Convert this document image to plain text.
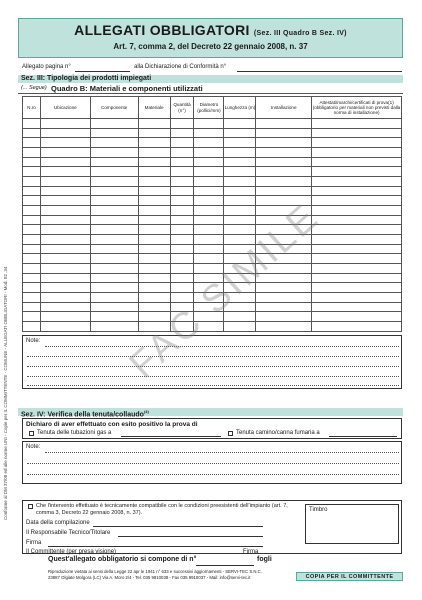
Conforme al DM 37/08 ed alle norme UNI - Copie per IL COMMITTENTE - COMUNE - ALLEGATI OBBLIGATORI - Mod. 02 .34
ALLEGATI OBBLIGATORI (Sez. III Quadro B Sez. IV)
Art. 7, comma 2, del Decreto 22 gennaio 2008, n. 37
Allegato pagina n°	alla Dichiarazione di Conformità n°
Sez. III: Tipologia dei prodotti impiegati
(... Segue) Quadro B: Materiali e componenti utilizzati
N.ro	Ubicazione	Componente	Materiale	Quantità (n°)	Diametro (pollici/mm)	Lunghezza (m)	Installazione	Attestati/marchi/certificati di prova(1) (obbligatorio per materiali non previsti dalla norma di installazione)

Note:
Sez. IV: Verifica della tenuta/collaudo$^{(4)}$
Dichiaro di aver effettuato con esito positivo la prova di
Tenuta delle tubazioni gas a	Tenuta camino/canna fumaria a
Note:
Che l'intervento effettuato è tecnicamente compatibile con le condizioni preesistenti dell'impianto (art. 7, comma 3, Decreto 22 gennaio 2008, n. 37).
Data della compilazione
Il Responsabile Tecnico/Titolare
Firma
Il Committente (per presa visione)	Firma
Timbro
Quest'allegato obbligatorio si compone di n°	fogli
Riproduzione vietata ai sensi della Legge 22 apr le 1941 n° 633 e successivi aggiornamenti - SERVI-TEC S.N.C.
23887 Olgiate Molgora (LC) Via A. Moro 2/4 - Tel. 035 9910038 - Fax 035 9910037 - Mail: info@servi-tec.it	COPIA PER IL COMMITTENTE
FAC SIMILE
